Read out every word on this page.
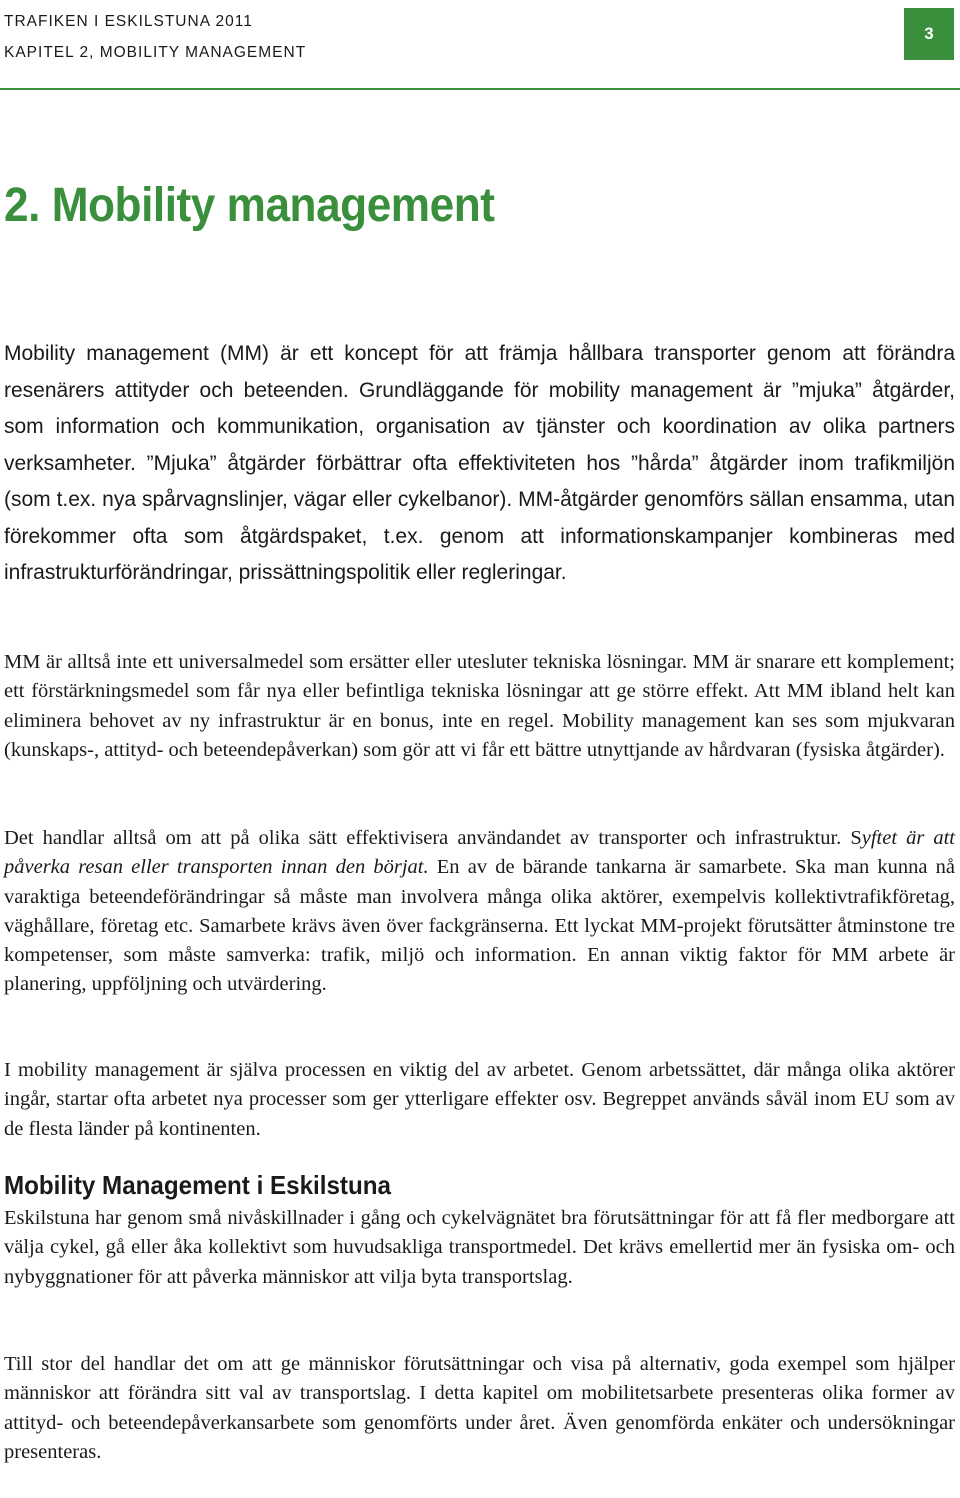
TRAFIKEN I ESKILSTUNA 2011
KAPITEL 2, MOBILITY MANAGEMENT
3
2. Mobility management

Mobility management (MM) är ett koncept för att främja hållbara transporter genom att förändra resenärers attityder och beteenden. Grundläggande för mobility management är ”mjuka” åtgärder, som information och kommunikation, organisation av tjänster och koordination av olika partners verksamheter. ”Mjuka” åtgärder förbättrar ofta effektiviteten hos ”hårda” åtgärder inom trafikmiljön (som t.ex. nya spårvagnslinjer, vägar eller cykelbanor). MM-åtgärder genomförs sällan ensamma, utan förekommer ofta som åtgärdspaket, t.ex. genom att informationskampanjer kombineras med infrastrukturförändringar, prissättningspolitik eller regleringar.

MM är alltså inte ett universalmedel som ersätter eller utesluter tekniska lösningar. MM är snarare ett komplement; ett förstärkningsmedel som får nya eller befintliga tekniska lösningar att ge större effekt. Att MM ibland helt kan eliminera behovet av ny infrastruktur är en bonus, inte en regel. Mobility management kan ses som mjukvaran (kunskaps-, attityd- och beteendepåverkan) som gör att vi får ett bättre utnyttjande av hårdvaran (fysiska åtgärder).

Det handlar alltså om att på olika sätt effektivisera användandet av transporter och infrastruktur. Syftet är att påverka resan eller transporten innan den börjat. En av de bärande tankarna är samarbete. Ska man kunna nå varaktiga beteendeförändringar så måste man involvera många olika aktörer, exempelvis kollektivtrafikföretag, väghållare, företag etc. Samarbete krävs även över fackgränserna. Ett lyckat MM-projekt förutsätter åtminstone tre kompetenser, som måste samverka: trafik, miljö och information. En annan viktig faktor för MM arbete är planering, uppföljning och utvärdering.

I mobility management är själva processen en viktig del av arbetet. Genom arbetssättet, där många olika aktörer ingår, startar ofta arbetet nya processer som ger ytterligare effekter osv. Begreppet används såväl inom EU som av de flesta länder på kontinenten.

Mobility Management i Eskilstuna

Eskilstuna har genom små nivåskillnader i gång och cykelvägnätet bra förutsättningar för att få fler medborgare att välja cykel, gå eller åka kollektivt som huvudsakliga transportmedel. Det krävs emellertid mer än fysiska om- och nybyggnationer för att påverka människor att vilja byta transportslag.

Till stor del handlar det om att ge människor förutsättningar och visa på alternativ, goda exempel som hjälper människor att förändra sitt val av transportslag. I detta kapitel om mobilitetsarbete presenteras olika former av attityd- och beteendepåverkansarbete som genomförts under året. Även genomförda enkäter och undersökningar presenteras.
